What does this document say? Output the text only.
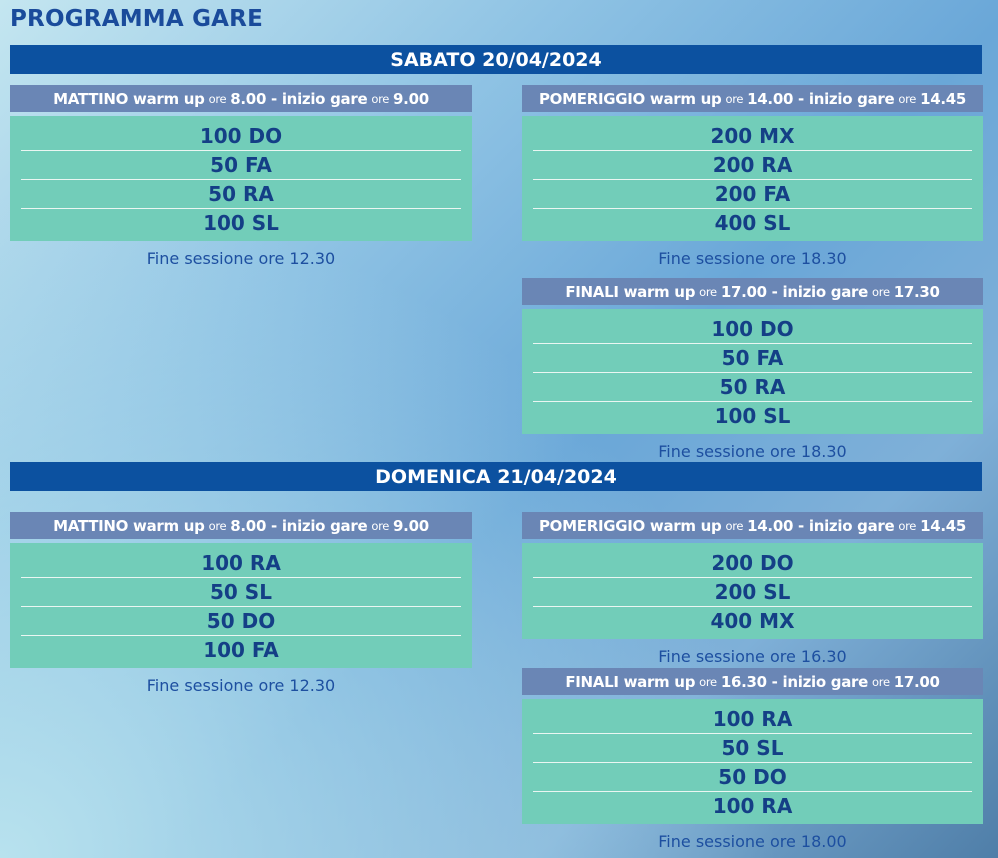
PROGRAMMA GARE
SABATO 20/04/2024
DOMENICA 21/04/2024
MATTINO warm up ore 8.00 - inizio gare ore 9.00
100 DO
50 FA
50 RA
100 SL
Fine sessione ore 12.30
POMERIGGIO warm up ore 14.00 - inizio gare ore 14.45
200 MX
200 RA
200 FA
400 SL
Fine sessione ore 18.30
FINALI warm up ore 17.00 - inizio gare ore 17.30
100 DO
50 FA
50 RA
100 SL
Fine sessione ore 18.30
MATTINO warm up ore 8.00 - inizio gare ore 9.00
100 RA
50 SL
50 DO
100 FA
Fine sessione ore 12.30
POMERIGGIO warm up ore 14.00 - inizio gare ore 14.45
200 DO
200 SL
400 MX
Fine sessione ore 16.30
FINALI warm up ore 16.30 - inizio gare ore 17.00
100 RA
50 SL
50 DO
100 RA
Fine sessione ore 18.00
